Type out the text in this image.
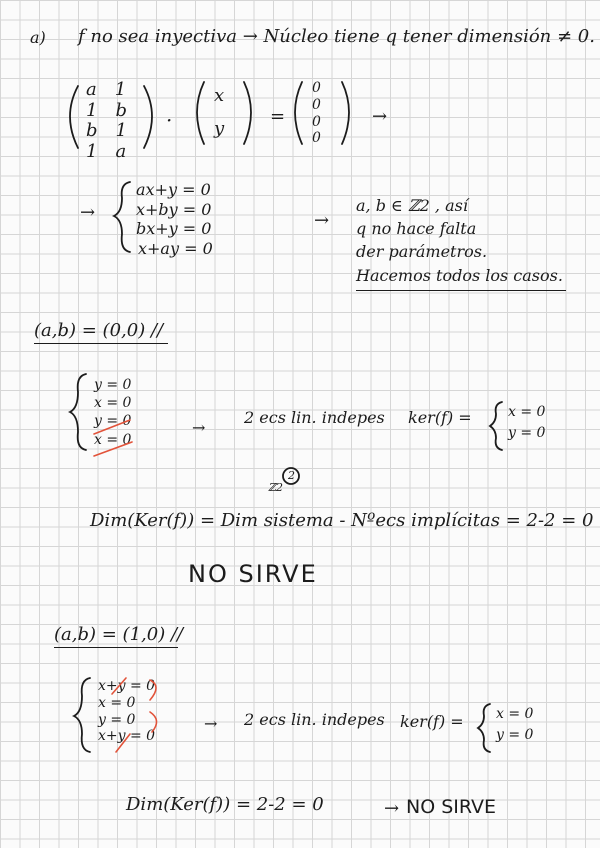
a) f no sea inyectiva → Núcleo tiene q tener dimensión ≠ 0.
a 1
1 b
b 1
1 a
·
x
y
=
0
0
0
0
→
→
ax+y = 0
x+by = 0
bx+y = 0
x+ay = 0
→
a, b ∈ ℤ2 , así
q no hace falta
der parámetros.
Hacemos todos los casos.
(a,b) = (0,0) //
y = 0
x = 0
y = 0
x = 0
→
2 ecs lin. indepes ker(f) =	x = 0
y = 0
ℤ2
2
Dim(Ker(f)) = Dim sistema - Nºecs implícitas = 2-2 = 0
NO SIRVE
(a,b) = (1,0) //
x+y = 0
x = 0
y = 0
x+y = 0
→ 2 ecs lin. indepes ker(f) = x = 0
y = 0
Dim(Ker(f)) = 2-2 = 0	→ NO SIRVE
